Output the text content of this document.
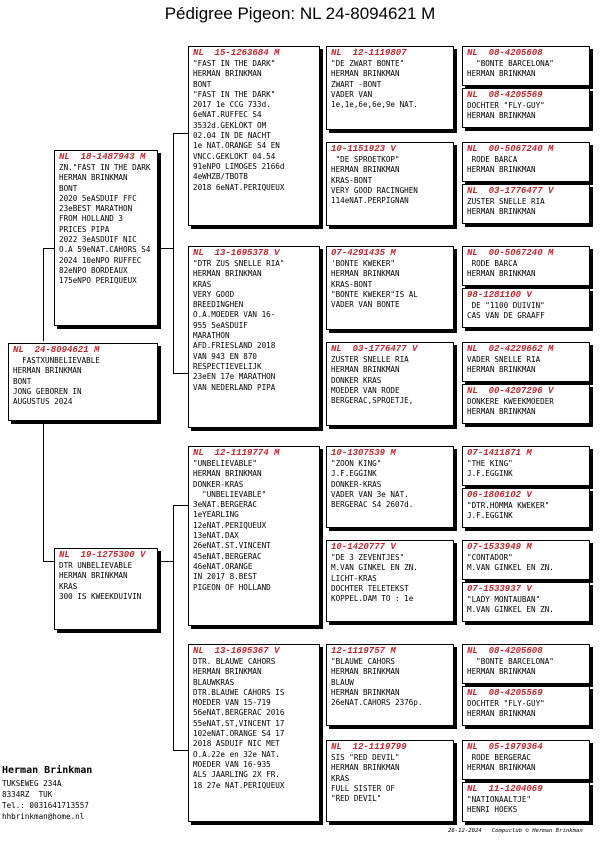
Pédigree Pigeon: NL 24-8094621 M
NL  24-8094621 M
FASTXUNBELIEVABLE
HERMAN BRINKMAN
BONT
JONG GEBOREN IN
AUGUSTUS 2024
NL  18-1487943 M
ZN."FAST IN THE DARK
HERMAN BRINKMAN
BONT
2020 5eASDUIF FFC
23eBEST MARATHON
FROM HOLLAND 3
PRICES PIPA
2022 3eASDUIF NIC
O.A 59eNAT.CAHORS S4
2024 10eNPO RUFFEC
82eNPO BORDEAUX
175eNPO PERIQUEUX
NL  19-1275300 V
DTR UNBELIEVABLE
HERMAN BRINKMAN
KRAS
300 IS KWEEKDUIVIN
NL  15-1263684 M
"FAST IN THE DARK"
HERMAN BRINKMAN
BONT
"FAST IN THE DARK"
2017 1e CCG 733d.
6eNAT.RUFFEC S4
3532d.GEKLOKT OM
02.04 IN DE NACHT
1e NAT.ORANGE S4 EN
VNCC.GEKLOKT 04.54
91eNPO LIMOGES 2166d
4eWHZB/TBOTB
2018 6eNAT.PERIQUEUX
NL  13-1695378 V
"DTR ZUS SNELLE RIA"
HERMAN BRINKMAN
KRAS
VERY GOOD
BREEDINGHEN
O.A.MOEDER VAN 16-
955 5eASDUIF
MARATHON
AFD.FRIESLAND 2018
VAN 943 EN 870
RESPECTIEVELIJK
23eEN 17e MARATHON
VAN NEDERLAND PIPA
NL  12-1119774 M
"UNBELIEVABLE"
HERMAN BRINKMAN
DONKER-KRAS
"UNBELIEVABLE"
3eNAT.BERGERAC
1eYEARLING
12eNAT.PERIQUEUX
13eNAT.DAX
26eNAT.ST.VINCENT
45eNAT.BERGERAC
46eNAT.ORANGE
IN 2017 8.BEST
PIGEON OF HOLLAND
NL  13-1695367 V
DTR. BLAUWE CAHORS
HERMAN BRINKMAN
BLAUWKRAS
DTR.BLAUWE CAHORS IS
MOEDER VAN 15-719
56eNAT.BERGERAC 2016
55eNAT.ST,VINCENT 17
102eNAT.ORANGE S4 17
2018 ASDUIF NIC MET
O.A.22e en 32e NAT.
MOEDER VAN 16-935
ALS JAARLING 2X FR.
18 27e NAT.PERIQUEUX
NL  12-1119807
"DE ZWART BONTE"
HERMAN BRINKMAN
ZWART -BONT
VADER VAN
1e,1e,6e,6e,9e NAT.
10-1151923 V
"DE SPROETKOP"
HERMAN BRINKMAN
KRAS-BONT
VERY GOOD RACINGHEN
114eNAT.PERPIGNAN
07-4291435 M
'BONTE KWEKER"
HERMAN BRINKMAN
KRAS-BONT
"BONTE KWEKER"IS AL
VADER VAN BONTE
NL  03-1776477 V
ZUSTER SNELLE RIA
HERMAN BRINKMAN
DONKER KRAS
MOEDER VAN RODE
BERGERAC,SPROETJE,
10-1307539 M
"ZOON KING"
J.F.EGGINK
DONKER-KRAS
VADER VAN 3e NAT.
BERGERAC S4 2607d.
10-1420777 V
"DE 3 ZEVENTJES"
M.VAN GINKEL EN ZN.
LICHT-KRAS
DOCHTER TELETEKST
KOPPEL.DAM TO : 1e
12-1119757 M
"BLAUWE CAHORS
HERMAN BRINKMAN
BLAUW
HERMAN BRINKMAN
26eNAT.CAHORS 2376p.
NL  12-1119799
SIS "RED DEVIL"
HERMAN BRINKMAN
KRAS
FULL SISTER OF
"RED DEVIL"
NL  08-4205608
"BONTE BARCELONA"
HERMAN BRINKMAN
NL  08-4205569
DOCHTER "FLY-GUY"
HERMAN BRINKMAN
NL  00-5067240 M
RODE BARCA
HERMAN BRINKMAN
NL  03-1776477 V
ZUSTER SNELLE RIA
HERMAN BRINKMAN
NL  00-5067240 M
RODE BARCA
HERMAN BRINKMAN
98-1281100 V
DE "1100 DUIVIN"
CAS VAN DE GRAAFF
NL  02-4229662 M
VADER SNELLE RIA
HERMAN BRINKMAN
NL  00-4207296 V
DONKERE KWEEKMOEDER
HERMAN BRINKMAN
07-1411871 M
"THE KING"
J.F.EGGINK
06-1806102 V
"DTR.HOMMA KWEKER"
J.F.EGGINK
07-1533949 M
"CONTADOR"
M.VAN GINKEL EN ZN.
07-1533937 V
"LADY MONTAUBAN"
M.VAN GINKEL EN ZN.
NL  08-4205608
"BONTE BARCELONA"
HERMAN BRINKMAN
NL  08-4205569
DOCHTER "FLY-GUY"
HERMAN BRINKMAN
NL  05-1979364
RODE BERGERAC
HERMAN BRINKMAN
NL  11-1204069
"NATIONAALTJE"
HENRI HOEKS
Herman Brinkman
TUKSEWEG 234A
8334RZ  TUK
Tel.: 0031641713557
hhbrinkman@home.nl
26-12-2024   Compuclub © Herman Brinkman
